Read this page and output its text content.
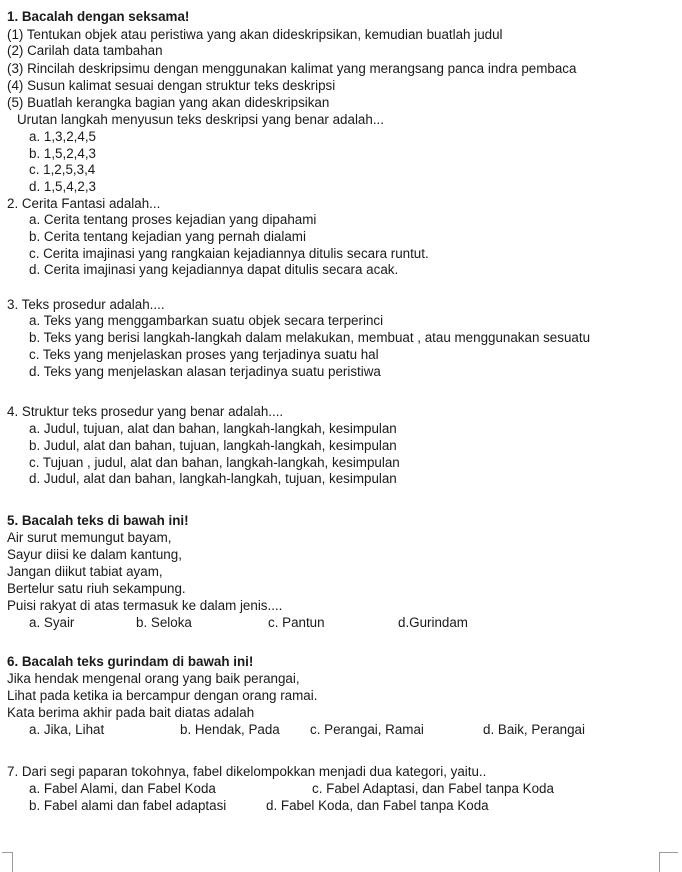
1. Bacalah dengan seksama!
(1) Tentukan objek atau peristiwa yang akan dideskripsikan, kemudian buatlah judul
(2) Carilah data tambahan
(3) Rincilah deskripsimu dengan menggunakan kalimat yang merangsang panca indra pembaca
(4) Susun kalimat sesuai dengan struktur teks deskripsi
(5) Buatlah kerangka bagian yang akan dideskripsikan
Urutan langkah menyusun teks deskripsi yang benar adalah...
a. 1,3,2,4,5
b. 1,5,2,4,3
c. 1,2,5,3,4
d. 1,5,4,2,3
2. Cerita Fantasi adalah...
a. Cerita tentang proses kejadian yang dipahami
b. Cerita tentang kejadian yang pernah dialami
c. Cerita imajinasi yang rangkaian kejadiannya ditulis secara runtut.
d. Cerita imajinasi yang kejadiannya dapat ditulis secara acak.
3. Teks prosedur adalah....
a. Teks yang menggambarkan suatu objek secara terperinci
b. Teks yang berisi langkah-langkah dalam melakukan, membuat , atau menggunakan sesuatu
c. Teks yang menjelaskan proses yang terjadinya suatu hal
d. Teks yang menjelaskan alasan terjadinya suatu peristiwa
4. Struktur teks prosedur yang benar adalah....
a. Judul, tujuan, alat dan bahan, langkah-langkah, kesimpulan
b. Judul, alat dan bahan, tujuan, langkah-langkah, kesimpulan
c. Tujuan , judul, alat dan bahan, langkah-langkah, kesimpulan
d. Judul, alat dan bahan, langkah-langkah, tujuan, kesimpulan
5. Bacalah teks di bawah ini!
Air surut memungut bayam,
Sayur diisi ke dalam kantung,
Jangan diikut tabiat ayam,
Bertelur satu riuh sekampung.
Puisi rakyat di atas termasuk ke dalam jenis....
a. Syair	b. Seloka	c. Pantun	d.Gurindam
6. Bacalah teks gurindam di bawah ini!
Jika hendak mengenal orang yang baik perangai,
Lihat pada ketika ia bercampur dengan orang ramai.
Kata berima akhir pada bait diatas adalah
a. Jika, Lihat	b. Hendak, Pada c. Perangai, Ramai	d. Baik, Perangai
7. Dari segi paparan tokohnya, fabel dikelompokkan menjadi dua kategori, yaitu..
a. Fabel Alami, dan Fabel Koda	c. Fabel Adaptasi, dan Fabel tanpa Koda
b. Fabel alami dan fabel adaptasi	d. Fabel Koda, dan Fabel tanpa Koda
